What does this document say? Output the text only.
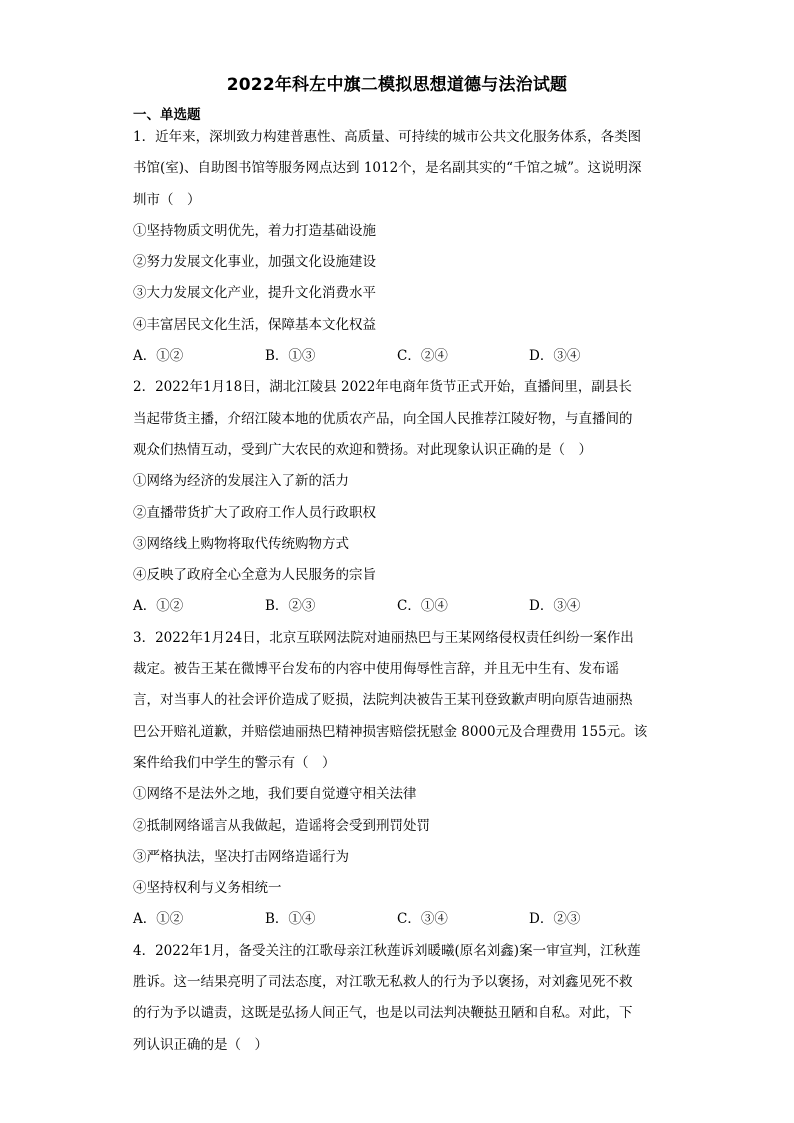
2022年科左中旗二模拟思想道德与法治试题
一、单选题
1．近年来，深圳致力构建普惠性、高质量、可持续的城市公共文化服务体系，各类图
书馆(室)、自助图书馆等服务网点达到 1012个，是名副其实的“千馆之城”。这说明深
圳市（　）
①坚持物质文明优先，着力打造基础设施
②努力发展文化事业，加强文化设施建设
③大力发展文化产业，提升文化消费水平
④丰富居民文化生活，保障基本文化权益
A．①②	B．①③	C．②④	D．③④
2．2022年1月18日，湖北江陵县 2022年电商年货节正式开始，直播间里，副县长
当起带货主播，介绍江陵本地的优质农产品，向全国人民推荐江陵好物，与直播间的
观众们热情互动，受到广大农民的欢迎和赞扬。对此现象认识正确的是（　）
①网络为经济的发展注入了新的活力
②直播带货扩大了政府工作人员行政职权
③网络线上购物将取代传统购物方式
④反映了政府全心全意为人民服务的宗旨
A．①②	B．②③	C．①④	D．③④
3．2022年1月24日，北京互联网法院对迪丽热巴与王某网络侵权责任纠纷一案作出
裁定。被告王某在微博平台发布的内容中使用侮辱性言辞，并且无中生有、发布谣
言，对当事人的社会评价造成了贬损，法院判决被告王某刊登致歉声明向原告迪丽热
巴公开赔礼道歉，并赔偿迪丽热巴精神损害赔偿抚慰金 8000元及合理费用 155元。该
案件给我们中学生的警示有（　）
①网络不是法外之地，我们要自觉遵守相关法律
②抵制网络谣言从我做起，造谣将会受到刑罚处罚
③严格执法，坚决打击网络造谣行为
④坚持权利与义务相统一
A．①②	B．①④	C．③④	D．②③
4．2022年1月，备受关注的江歌母亲江秋莲诉刘暖曦(原名刘鑫)案一审宣判，江秋莲
胜诉。这一结果亮明了司法态度，对江歌无私救人的行为予以褒扬，对刘鑫见死不救
的行为予以谴责，这既是弘扬人间正气，也是以司法判决鞭挞丑陋和自私。对此，下
列认识正确的是（　）
